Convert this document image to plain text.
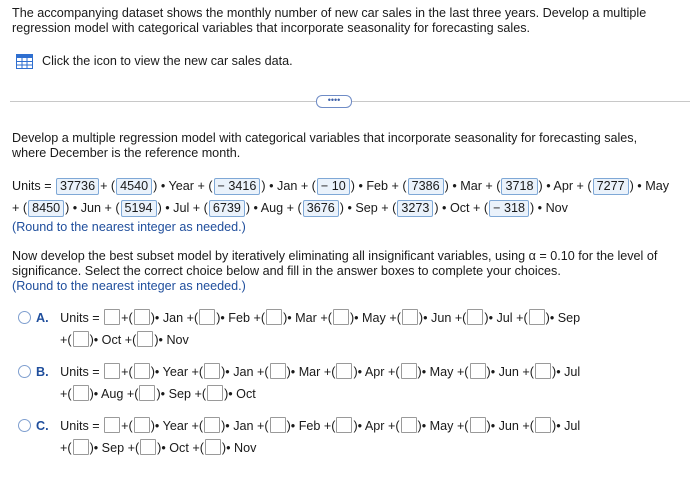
The accompanying dataset shows the monthly number of new car sales in the last three years. Develop a multiple
regression model with categorical variables that incorporate seasonality for forecasting sales.
Click the icon to view the new car sales data.
••••
Develop a multiple regression model with categorical variables that incorporate seasonality for forecasting sales,
where December is the reference month.
Units = 37736 + ( 4540 ) • Year + ( − 3416 ) • Jan + ( − 10 ) • Feb + ( 7386 ) • Mar + ( 3718 ) • Apr + ( 7277 ) • May
+ ( 8450 ) • Jun + ( 5194 ) • Jul + ( 6739 ) • Aug + ( 3676 ) • Sep + ( 3273 ) • Oct + ( − 318 ) • Nov
(Round to the nearest integer as needed.)
Now develop the best subset model by iteratively eliminating all insignificant variables, using α = 0.10 for the level of
significance. Select the correct choice below and fill in the answer boxes to complete your choices.
(Round to the nearest integer as needed.)
A. Units = +( )• Jan +( )• Feb +( )• Mar +( )• May +( )• Jun +( )• Jul +( )• Sep
+( )• Oct +( )• Nov
B. Units = +( )• Year +( )• Jan +( )• Mar +( )• Apr +( )• May +( )• Jun +( )• Jul
+( )• Aug +( )• Sep +( )• Oct
C. Units = +( )• Year +( )• Jan +( )• Feb +( )• Apr +( )• May +( )• Jun +( )• Jul
+( )• Sep +( )• Oct +( )• Nov
